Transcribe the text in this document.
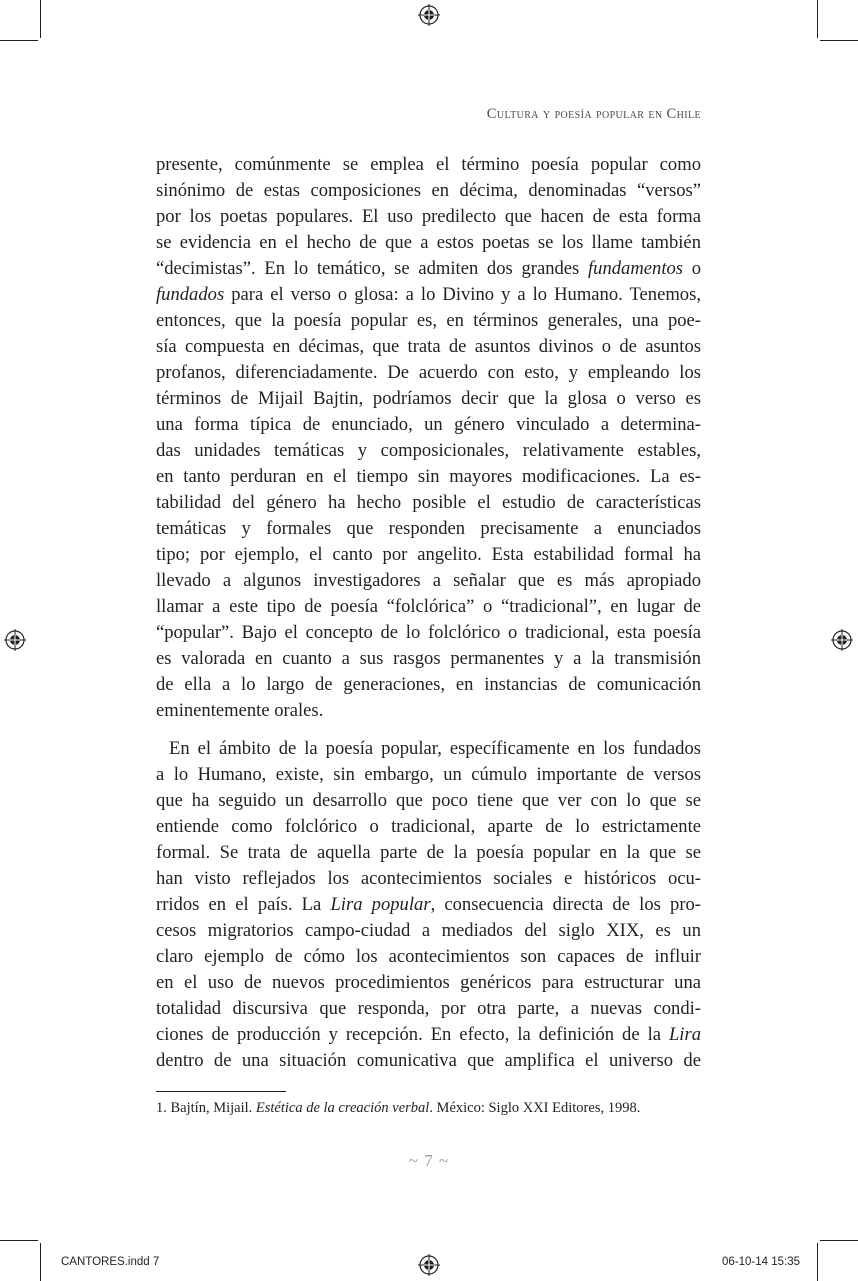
Cultura y poesía popular en Chile
presente, comúnmente se emplea el término poesía popular como
sinónimo de estas composiciones en décima, denominadas “versos”
por los poetas populares. El uso predilecto que hacen de esta forma
se evidencia en el hecho de que a estos poetas se los llame también
“decimistas”. En lo temático, se admiten dos grandes fundamentos o
fundados para el verso o glosa: a lo Divino y a lo Humano. Tenemos,
entonces, que la poesía popular es, en términos generales, una poe-
sía compuesta en décimas, que trata de asuntos divinos o de asuntos
profanos, diferenciadamente. De acuerdo con esto, y empleando los
términos de Mijail Bajtin, podríamos decir que la glosa o verso es
una forma típica de enunciado, un género vinculado a determina-
das unidades temáticas y composicionales, relativamente estables,
en tanto perduran en el tiempo sin mayores modificaciones. La es-
tabilidad del género ha hecho posible el estudio de características
temáticas y formales que responden precisamente a enunciados
tipo; por ejemplo, el canto por angelito. Esta estabilidad formal ha
llevado a algunos investigadores a señalar que es más apropiado
llamar a este tipo de poesía “folclórica” o “tradicional”, en lugar de
“popular”. Bajo el concepto de lo folclórico o tradicional, esta poesía
es valorada en cuanto a sus rasgos permanentes y a la transmisión
de ella a lo largo de generaciones, en instancias de comunicación
eminentemente orales.
En el ámbito de la poesía popular, específicamente en los fundados
a lo Humano, existe, sin embargo, un cúmulo importante de versos
que ha seguido un desarrollo que poco tiene que ver con lo que se
entiende como folclórico o tradicional, aparte de lo estrictamente
formal. Se trata de aquella parte de la poesía popular en la que se
han visto reflejados los acontecimientos sociales e históricos ocu-
rridos en el país. La Lira popular, consecuencia directa de los pro-
cesos migratorios campo-ciudad a mediados del siglo XIX, es un
claro ejemplo de cómo los acontecimientos son capaces de influir
en el uso de nuevos procedimientos genéricos para estructurar una
totalidad discursiva que responda, por otra parte, a nuevas condi-
ciones de producción y recepción. En efecto, la definición de la Lira
dentro de una situación comunicativa que amplifica el universo de
1. Bajtín, Mijail. Estética de la creación verbal. México: Siglo XXI Editores, 1998.
~ 7 ~
CANTORES.indd 7	06-10-14 15:35
